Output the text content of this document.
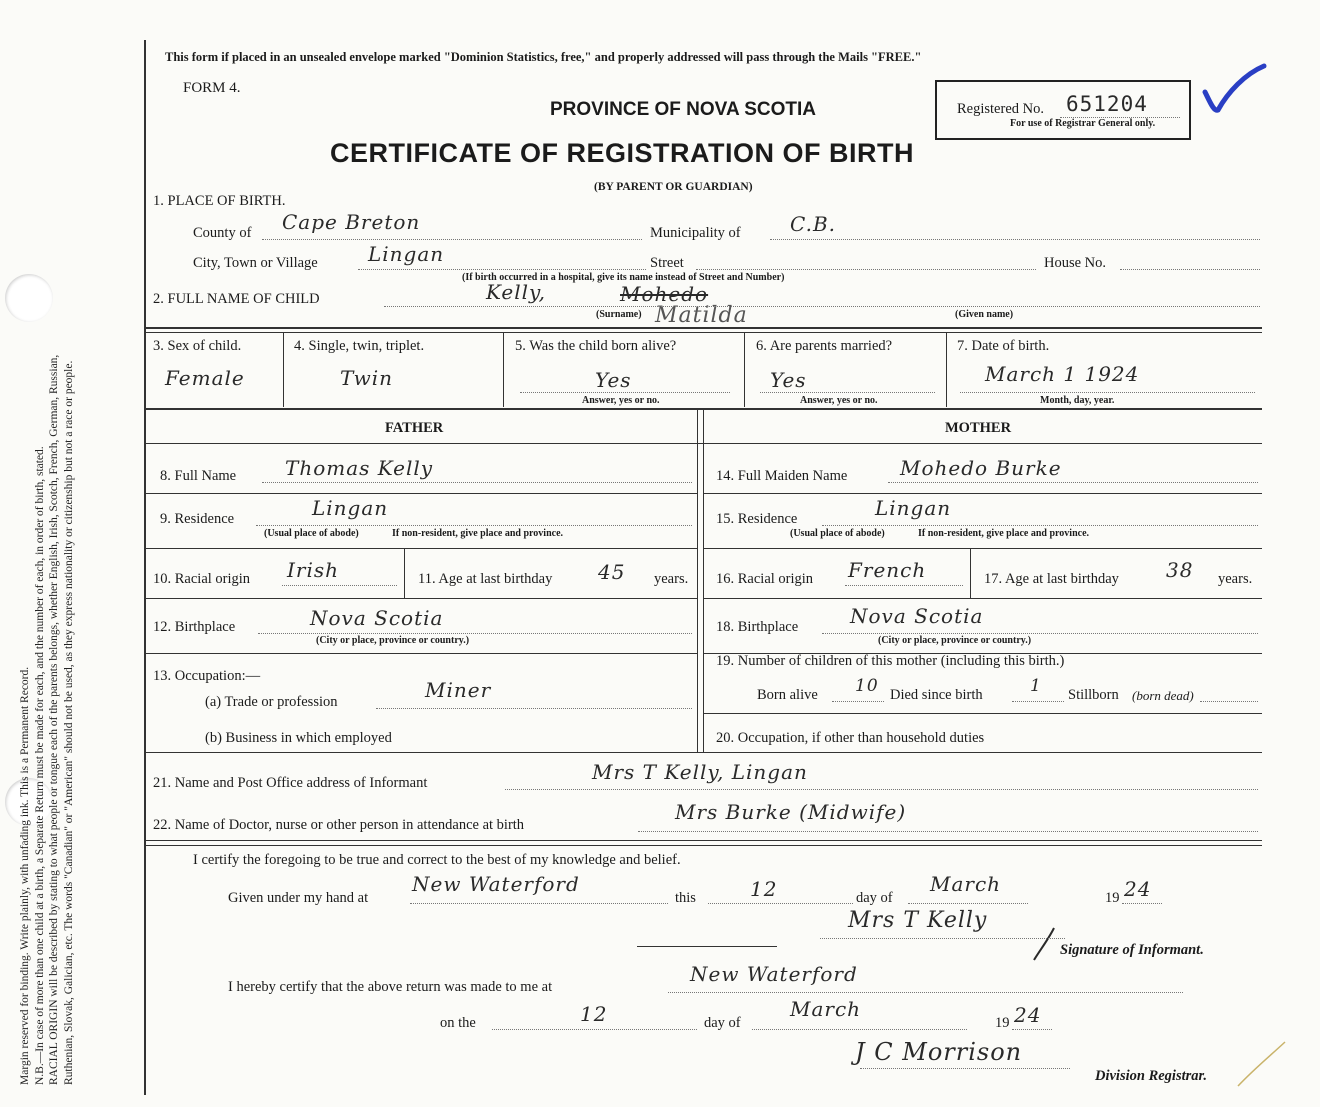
Margin reserved for binding. Write plainly, with unfading ink. This is a Permanent Record. N.B.—In case of more than one child at a birth, a Separate Return must be made for each, and the number of each, in order of birth, stated. RACIAL ORIGIN will be described by stating to what people or tongue each of the parents belongs, whether English, Irish, Scotch, French, German, Russian, Ruthenian, Slovak, Galician, etc. The words "Canadian" or "American" should not be used, as they express nationality or citizenship but not a race or people.
This form if placed in an unsealed envelope marked "Dominion Statistics, free," and properly addressed will pass through the Mails "FREE."
FORM 4.
PROVINCE OF NOVA SCOTIA
CERTIFICATE OF REGISTRATION OF BIRTH
(BY PARENT OR GUARDIAN)
Registered No. 651204
For use of Registrar General only.
1. PLACE OF BIRTH.
County of Cape Breton	Municipality of C.B.
City, Town or Village	Lingan	Street	House No.
(If birth occurred in a hospital, give its name instead of Street and Number)
2. FULL NAME OF CHILD	Kelly,	Mohedo
Matilda
(Surname)	(Given name)
3. Sex of child.
Female
4. Single, twin, triplet.
Twin
5. Was the child born alive?
Yes
Answer, yes or no.
6. Are parents married?
Yes
Answer, yes or no.
7. Date of birth.
March 1 1924
Month, day, year.
FATHER	MOTHER
8. Full Name Thomas Kelly
9. Residence	Lingan
(Usual place of abode)	If non-resident, give place and province.
10. Racial origin Irish	11. Age at last birthday 45 years.
12. Birthplace	Nova Scotia
(City or place, province or country.)
13. Occupation:—
(a) Trade or profession	Miner
(b) Business in which employed
14. Full Maiden Name	Mohedo Burke
15. Residence	Lingan
(Usual place of abode)	If non-resident, give place and province.
16. Racial origin French	17. Age at last birthday 38 years.
18. Birthplace	Nova Scotia
(City or place, province or country.)
19. Number of children of this mother (including this birth.)
Born alive 10 Died since birth	1 Stillborn (born dead)
20. Occupation, if other than household duties
21. Name and Post Office address of Informant	Mrs T Kelly, Lingan
22. Name of Doctor, nurse or other person in attendance at birth
Mrs Burke (Midwife)
I certify the foregoing to be true and correct to the best of my knowledge and belief.
Given under my hand at
New Waterford
this	12	day of
March
19 24
Mrs T Kelly
Signature of Informant.
I hereby certify that the above return was made to me at
New Waterford
on the	12	day of
March
19 24
J C Morrison
Division Registrar.
